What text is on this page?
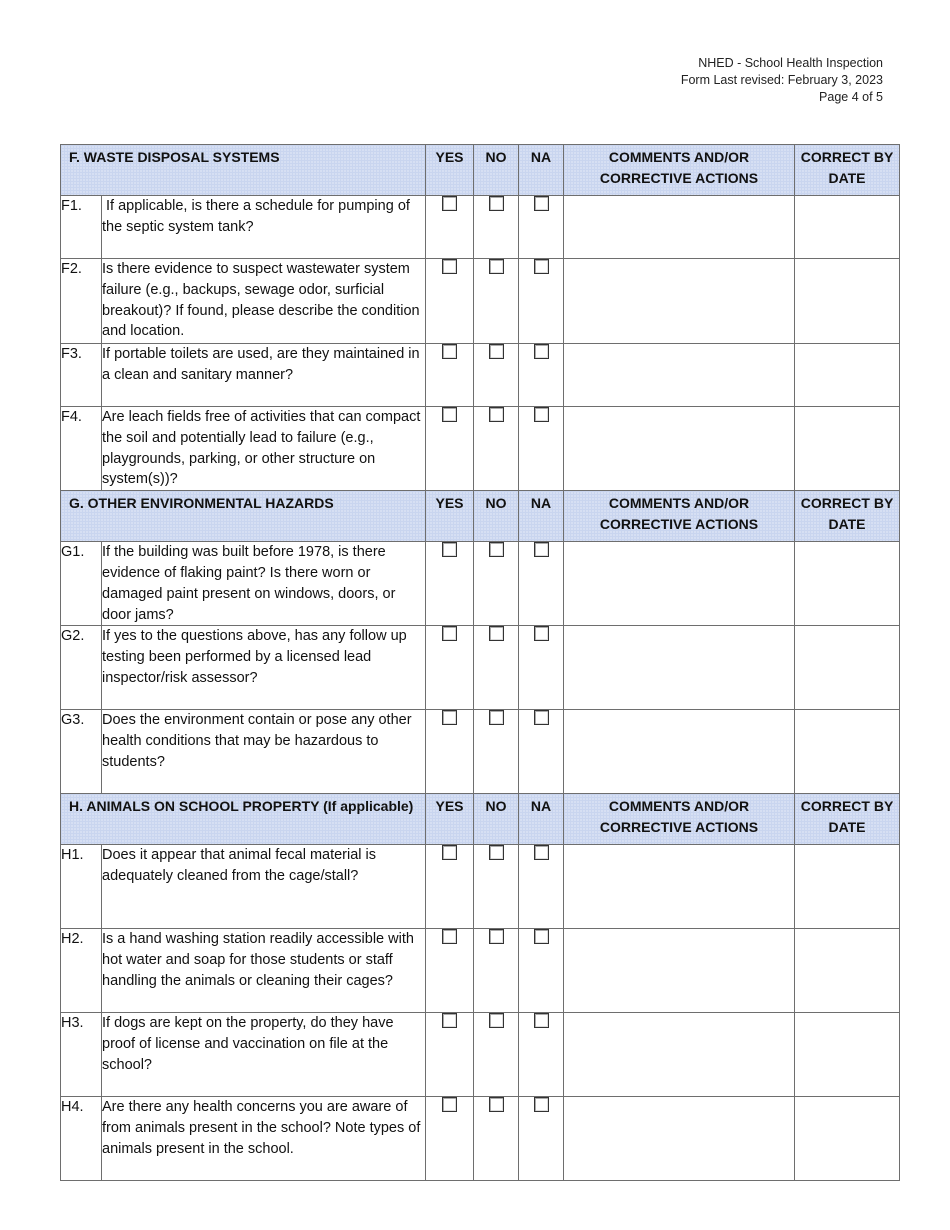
NHED - School Health Inspection
Form Last revised: February 3, 2023
Page 4 of 5
F. WASTE DISPOSAL SYSTEMS		YES	NO	NA	COMMENTS AND/OR
CORRECTIVE ACTIONS	CORRECT BY
DATE
F1.	If applicable, is there a schedule for pumping of the septic system tank?					
F2.	Is there evidence to suspect wastewater system failure (e.g., backups, sewage odor, surficial breakout)? If found, please describe the condition and location.					
F3.	If portable toilets are used, are they maintained in a clean and sanitary manner?					
F4.	Are leach fields free of activities that can compact the soil and potentially lead to failure (e.g., playgrounds, parking, or other structure on system(s))?					
G. OTHER ENVIRONMENTAL HAZARDS		YES	NO	NA	COMMENTS AND/OR
CORRECTIVE ACTIONS	CORRECT BY
DATE
G1.	If the building was built before 1978, is there evidence of flaking paint? Is there worn or damaged paint present on windows, doors, or door jams?					
G2.	If yes to the questions above, has any follow up testing been performed by a licensed lead inspector/risk assessor?					
G3.	Does the environment contain or pose any other health conditions that may be hazardous to students?					
H. ANIMALS ON SCHOOL PROPERTY (If applicable)		YES	NO	NA	COMMENTS AND/OR
CORRECTIVE ACTIONS	CORRECT BY
DATE
H1.	Does it appear that animal fecal material is adequately cleaned from the cage/stall?					
H2.	Is a hand washing station readily accessible with hot water and soap for those students or staff handling the animals or cleaning their cages?					
H3.	If dogs are kept on the property, do they have proof of license and vaccination on file at the school?					
H4.	Are there any health concerns you are aware of from animals present in the school? Note types of animals present in the school.					
